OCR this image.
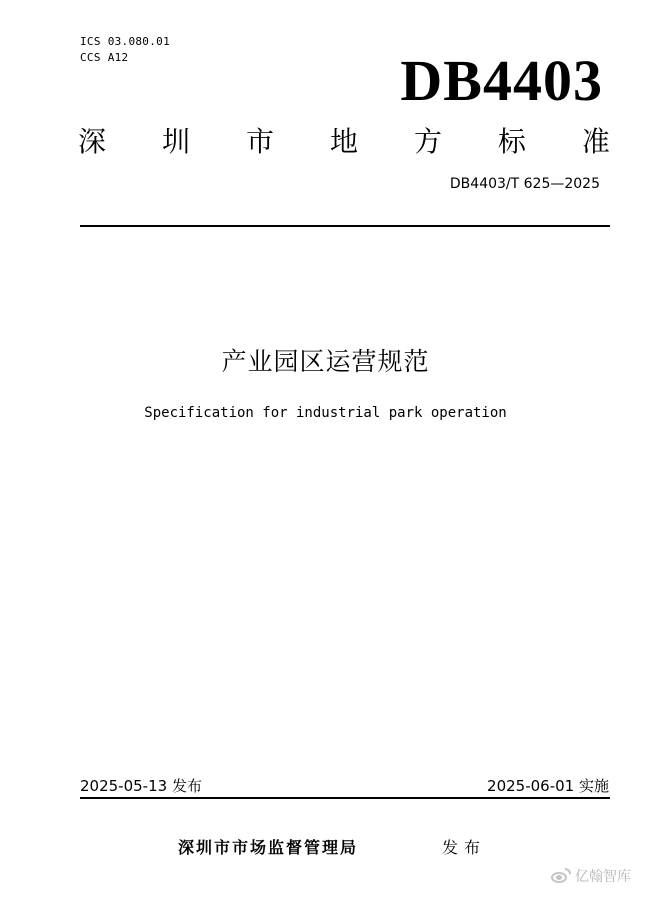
ICS 03.080.01
CCS A12	DB4403
深 圳 市 地 方 标 准
DB4403/T 625—2025
产业园区运营规范
Specification for industrial park operation
2025-05-13 发布	2025-06-01 实施
深圳市市场监督管理局	发布
亿翰智库
